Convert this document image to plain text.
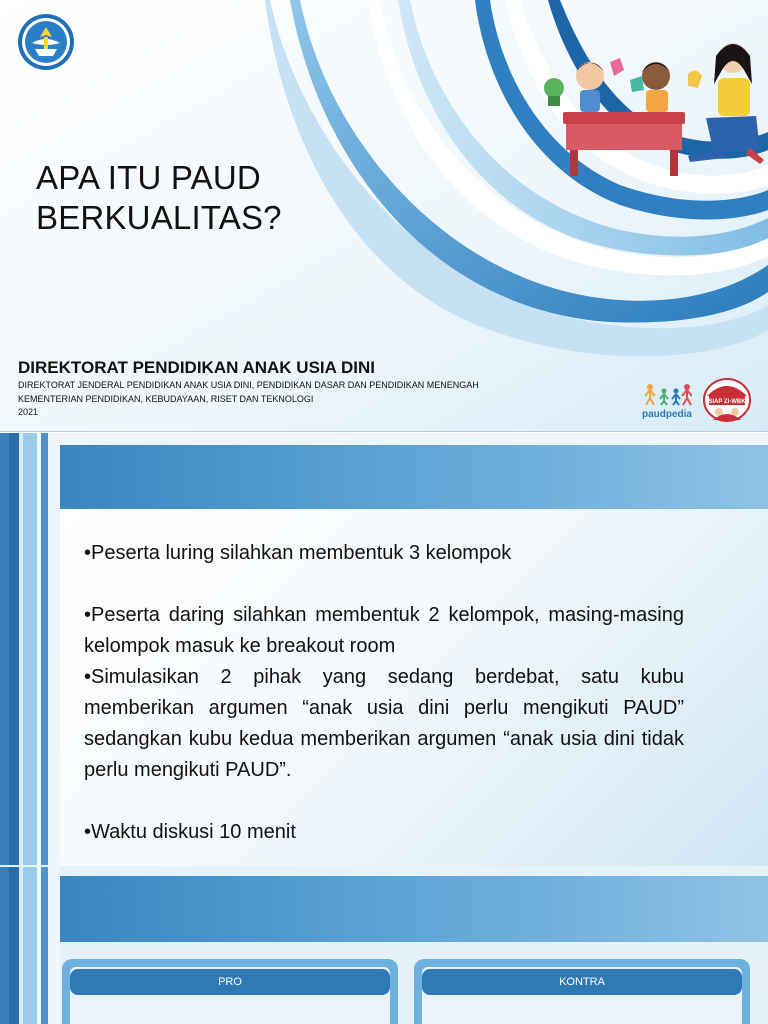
APA ITU PAUD
BERKUALITAS?
DIREKTORAT PENDIDIKAN ANAK USIA DINI
DIREKTORAT JENDERAL PENDIDIKAN ANAK USIA DINI, PENDIDIKAN DASAR DAN PENDIDIKAN MENENGAH
KEMENTERIAN PENDIDIKAN, KEBUDAYAAN, RISET DAN TEKNOLOGI
2021	paudpedia
SIAP ZI-WBK

•Peserta luring silahkan membentuk 3 kelompok

•Peserta daring silahkan membentuk 2 kelompok, masing-masing kelompok masuk ke breakout room

•Simulasikan 2 pihak yang sedang berdebat, satu kubu memberikan argumen “anak usia dini perlu mengikuti PAUD” sedangkan kubu kedua memberikan argumen “anak usia dini tidak perlu mengikuti PAUD”.

•Waktu diskusi 10 menit

PRO	KONTRA
